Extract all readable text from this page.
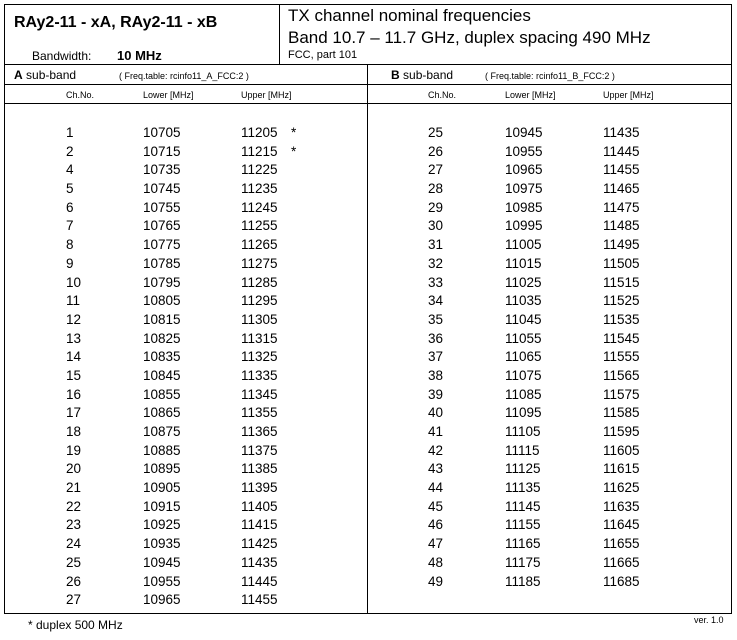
RAy2-11 - xA, RAy2-11 - xB
Bandwidth: 10 MHz
TX channel nominal frequencies
Band 10.7 – 11.7 GHz, duplex spacing 490 MHz
FCC, part 101
A sub-band	( Freq.table: rcinfo11_A_FCC:2 )
Ch.No.	Lower [MHz]	Upper [MHz]
B sub-band	( Freq.table: rcinfo11_B_FCC:2 )
Ch.No.	Lower [MHz]	Upper [MHz]
1	10705	11205 *
2	10715	11215 *
4	10735	11225
5	10745	11235
6	10755	11245
7	10765	11255
8	10775	11265
9	10785	11275
10	10795	11285
11	10805	11295
12	10815	11305
13	10825	11315
14	10835	11325
15	10845	11335
16	10855	11345
17	10865	11355
18	10875	11365
19	10885	11375
20	10895	11385
21	10905	11395
22	10915	11405
23	10925	11415
24	10935	11425
25	10945	11435
26	10955	11445
27	10965	11455
25	10945	11435
26	10955	11445
27	10965	11455
28	10975	11465
29	10985	11475
30	10995	11485
31	11005	11495
32	11015	11505
33	11025	11515
34	11035	11525
35	11045	11535
36	11055	11545
37	11065	11555
38	11075	11565
39	11085	11575
40	11095	11585
41	11105	11595
42	11115	11605
43	11125	11615
44	11135	11625
45	11145	11635
46	11155	11645
47	11165	11655
48	11175	11665
49	11185	11685
* duplex 500 MHz	ver. 1.0
